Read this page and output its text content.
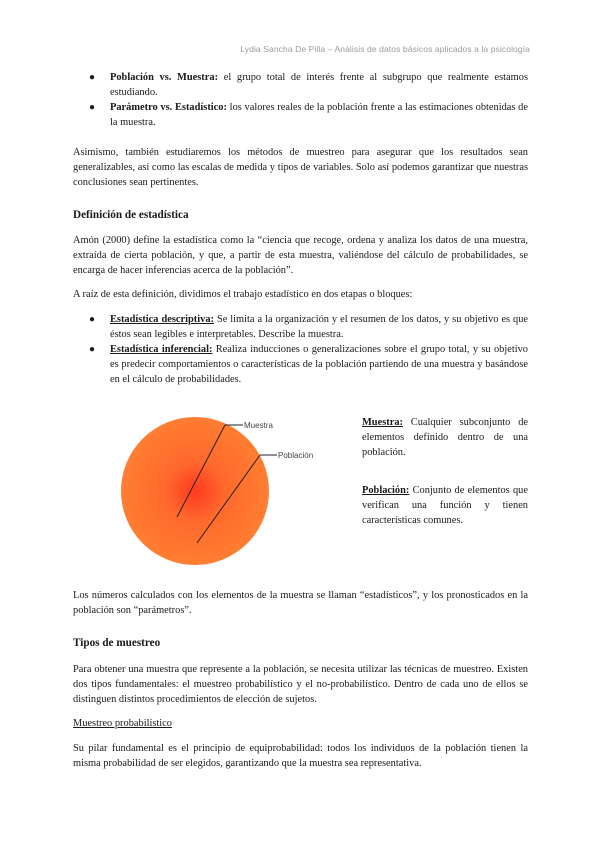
Lydia Sancha De Pilla – Análisis de datos básicos aplicados a la psicología
● Población vs. Muestra: el grupo total de interés frente al subgrupo que realmente estamos estudiando.
● Parámetro vs. Estadístico: los valores reales de la población frente a las estimaciones obtenidas de la muestra.

Asimismo, también estudiaremos los métodos de muestreo para asegurar que los resultados sean generalizables, así como las escalas de medida y tipos de variables. Solo así podemos garantizar que nuestras conclusiones sean pertinentes.

Definición de estadística

Amón (2000) define la estadística como la “ciencia que recoge, ordena y analiza los datos de una muestra, extraída de cierta población, y que, a partir de esta muestra, valiéndose del cálculo de probabilidades, se encarga de hacer inferencias acerca de la población”.

A raíz de esta definición, dividimos el trabajo estadístico en dos etapas o bloques:

● Estadística descriptiva: Se limita a la organización y el resumen de los datos, y su objetivo es que éstos sean legibles e interpretables. Describe la muestra.
● Estadística inferencial: Realiza inducciones o generalizaciones sobre el grupo total, y su objetivo es predecir comportamientos o características de la población partiendo de una muestra y basándose en el cálculo de probabilidades.
Muestra
Población

Muestra: Cualquier subconjunto de elementos definido dentro de una población.

Población: Conjunto de elementos que verifican una función y tienen características comunes.

Los números calculados con los elementos de la muestra se llaman “estadísticos”, y los pronosticados en la población son “parámetros”.

Tipos de muestreo

Para obtener una muestra que represente a la población, se necesita utilizar las técnicas de muestreo. Existen dos tipos fundamentales: el muestreo probabilístico y el no-probabilístico. Dentro de cada uno de ellos se distinguen distintos procedimientos de elección de sujetos.

Muestreo probabilístico

Su pilar fundamental es el principio de equiprobabilidad: todos los individuos de la población tienen la misma probabilidad de ser elegidos, garantizando que la muestra sea representativa.
